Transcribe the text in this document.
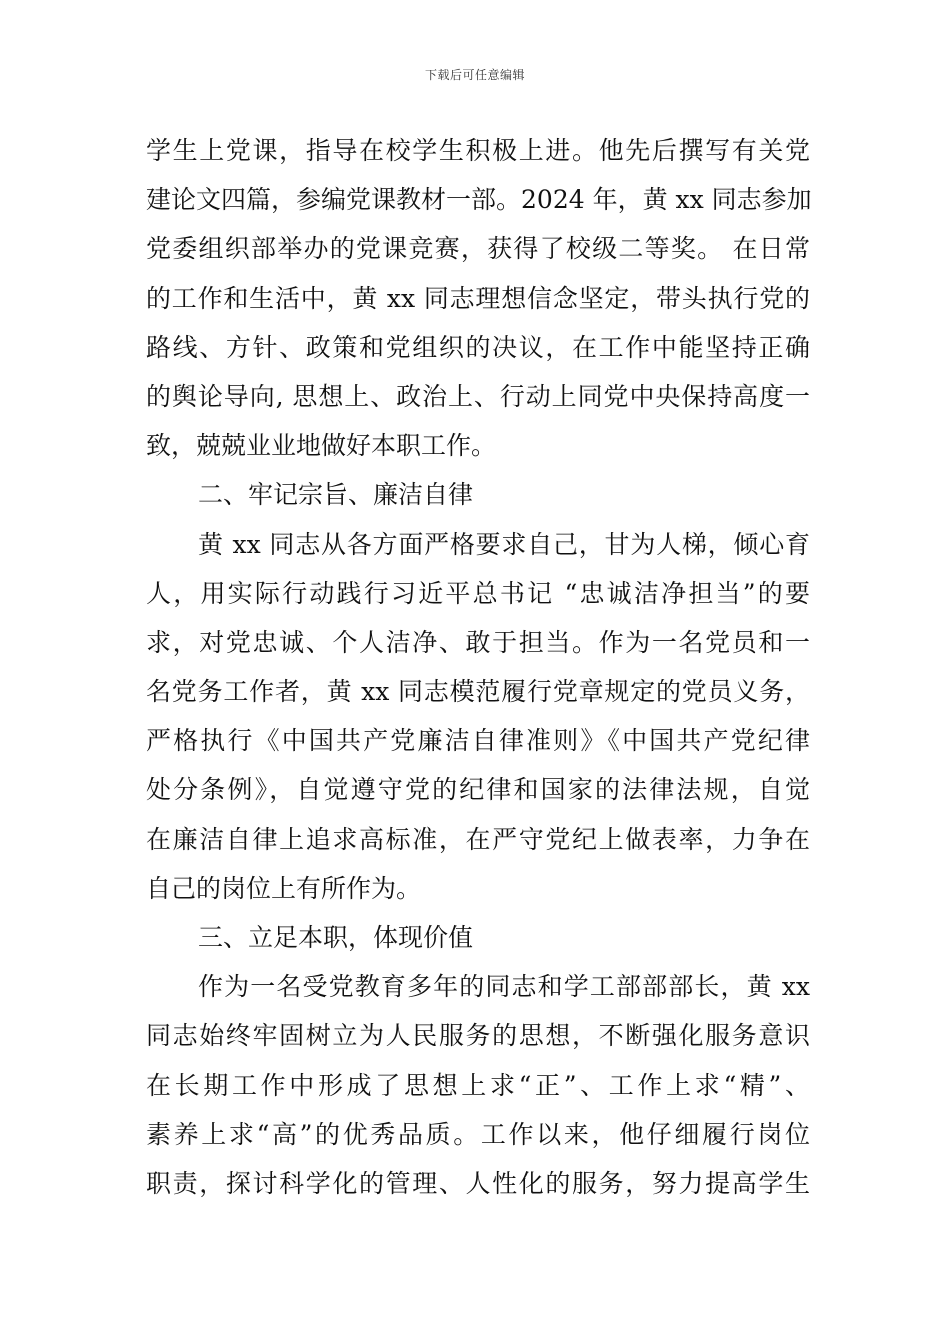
下载后可任意编辑
学生上党课，指导在校学生积极上进。他先后撰写有关党
建论文四篇，参编党课教材一部。2024 年，黄 xx 同志参加
党委组织部举办的党课竞赛，获得了校级二等奖。 在日常
的工作和生活中，黄 xx 同志理想信念坚定，带头执行党的
路线、方针、政策和党组织的决议，在工作中能坚持正确
的舆论导向, 思想上、政治上、行动上同党中央保持高度一
致，兢兢业业地做好本职工作。
二、牢记宗旨、廉洁自律
黄 xx 同志从各方面严格要求自己，甘为人梯，倾心育
人，用实际行动践行习近平总书记 “忠诚洁净担当”的要
求，对党忠诚、个人洁净、敢于担当。作为一名党员和一
名党务工作者，黄 xx 同志模范履行党章规定的党员义务，
严格执行《中国共产党廉洁自律准则》《中国共产党纪律
处分条例》，自觉遵守党的纪律和国家的法律法规，自觉
在廉洁自律上追求高标准，在严守党纪上做表率，力争在
自己的岗位上有所作为。
三、立足本职，体现价值
作为一名受党教育多年的同志和学工部部部长，黄 xx
同志始终牢固树立为人民服务的思想，不断强化服务意识
在长期工作中形成了思想上求“正”、工作上求“精”、
素养上求“高”的优秀品质。工作以来，他仔细履行岗位
职责，探讨科学化的管理、人性化的服务，努力提高学生
